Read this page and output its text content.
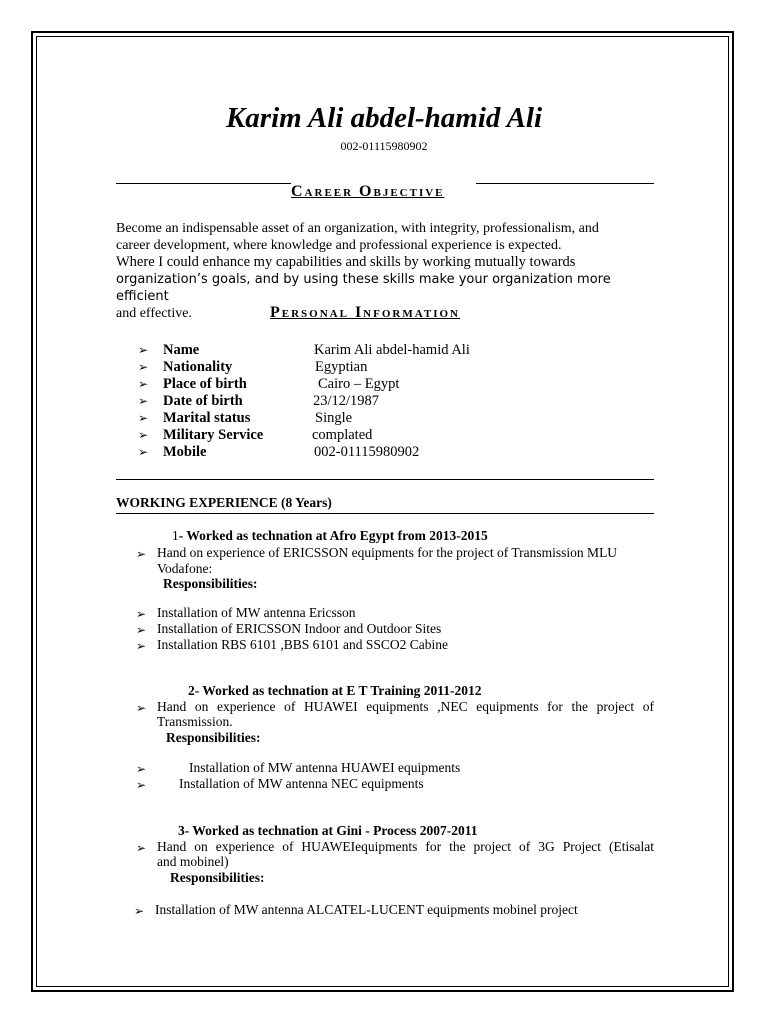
Karim Ali abdel-hamid Ali
002-01115980902
Career Objective
Become an indispensable asset of an organization, with integrity, professionalism, and
career development, where knowledge and professional experience is expected.
Where I could enhance my capabilities and skills by working mutually towards
organization’s goals, and by using these skills make your organization more efficient
and effective.	Personal Information
➢ Name	Karim Ali abdel-hamid Ali
➢ Nationality	Egyptian
➢ Place of birth	Cairo – Egypt
➢ Date of birth	23/12/1987
➢ Marital status	Single
➢ Military Service	complated
➢ Mobile	002-01115980902
WORKING EXPERIENCE (8 Years)
1- Worked as technation at Afro Egypt from 2013-2015
➢ Hand on experience of ERICSSON equipments for the project of Transmission MLU
Vodafone:
Responsibilities:
➢ Installation of MW antenna Ericsson
➢ Installation of ERICSSON Indoor and Outdoor Sites
➢ Installation RBS 6101 ,BBS 6101 and SSCO2 Cabine
2- Worked as technation at E T Training 2011-2012
➢ Hand on experience of HUAWEI equipments ,NEC equipments for the project of
Transmission.
Responsibilities:
➢	Installation of MW antenna HUAWEI equipments
➢ Installation of MW antenna NEC equipments
3- Worked as technation at Gini - Process 2007-2011
➢ Hand on experience of HUAWEIequipments for the project of 3G Project (Etisalat
and mobinel)
Responsibilities:
➢ Installation of MW antenna ALCATEL-LUCENT equipments mobinel project
